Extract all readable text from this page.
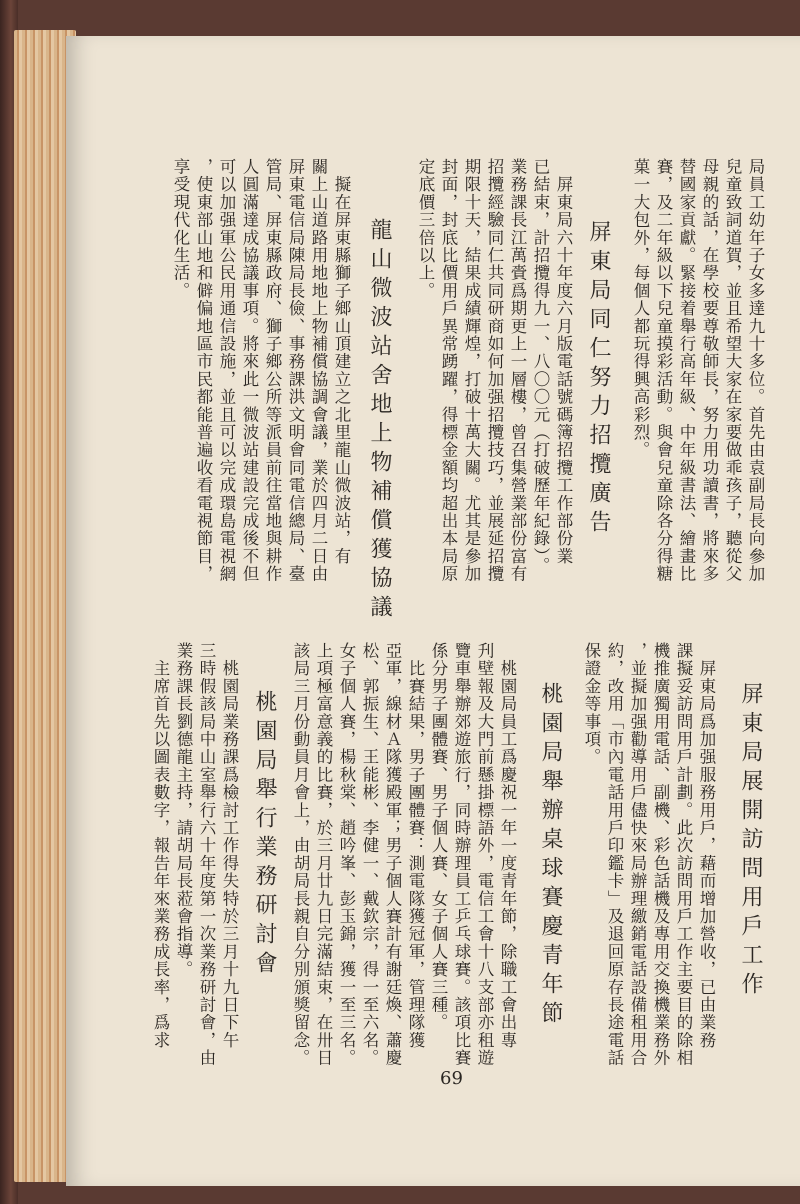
局員工幼年子女多達九十多位。首先由袁副局長向參加
兒童致詞道賀，並且希望大家在家要做乖孩子，聽從父
母親的話，在學校要尊敬師長，努力用功讀書，將來多
替國家貢獻。緊接着舉行高年級、中年級書法、繪畫比
賽，及二年級以下兒童摸彩活動。與會兒童除各分得糖
菓一大包外，每個人都玩得興高彩烈。
屏東局同仁努力招攬廣告
　屏東局六十年度六月版電話號碼簿招攬工作部份業
已結束，計招攬得九一、八〇〇元（打破歷年紀錄）。
業務課長江萬賫爲期更上一層樓，曾召集營業部份富有
招攬經驗同仁共同研商如何加强招攬技巧，並展延招攬
期限十天，結果成績輝煌，打破十萬大關。尤其是參加
封面，封底比價用戶異常踴躍，得標金額均超出本局原
定底價三倍以上。
龍山微波站舍地上物補償獲協議
　擬在屏東縣獅子鄉山頂建立之北里龍山微波站，有
關上山道路用地地上物補償協調會議，業於四月二日由
屏東電信局陳局長儉、事務課洪文明會同電信總局、臺
管局、屏東縣政府、獅子鄉公所等派員前往當地與耕作
人圓滿達成協議事項。將來此一微波站建設完成後不但
可以加强軍公民用通信設施，並且可以完成環島電視網
，使東部山地和僻偏地區市民都能普遍收看電視節目，
享受現代化生活。
屏東局展開訪問用戶工作
　屏東局爲加强服務用戶，藉而增加營收，已由業務
課擬妥訪問用戶計劃。此次訪問用戶工作主要目的除相
機推廣獨用電話、副機、彩色話機及專用交換機業務外
，並擬加强勸導用戶儘快來局辦理繳銷電話設備租用合
約，改用「市內電話用戶印鑑卡」及退回原存長途電話
保證金等事項。
桃園局舉辦桌球賽慶青年節
　桃園局員工爲慶祝一年一度青年節，除職工會出專
刋壁報及大門前懸掛標語外，電信工會十八支部亦租遊
覽車舉辦郊遊旅行，同時辦理員工乒乓球賽。該項比賽
係分男子團體賽、男子個人賽、女子個人賽三種。
　比賽結果，男子團體賽：測電隊獲冠軍，管理隊獲
亞軍，線材Ａ隊獲殿軍；男子個人賽計有謝廷煥、蕭慶
松、郭振生、王能彬、李健一、戴欽宗，得一至六名。
女子個人賽，楊秋棠、趙吟峯、彭玉錦，獲一至三名。
上項極富意義的比賽，於三月廿九日完滿結束，在卅日
該局三月份動員月會上，由胡局長親自分別頒獎留念。
桃園局舉行業務研討會
　桃園局業務課爲檢討工作得失特於三月十九日下午
三時假該局中山室舉行六十年度第一次業務研討會，由
業務課長劉德龍主持，請胡局長蒞會指導。
　主席首先以圖表數字，報告年來業務成長率，爲求
69
